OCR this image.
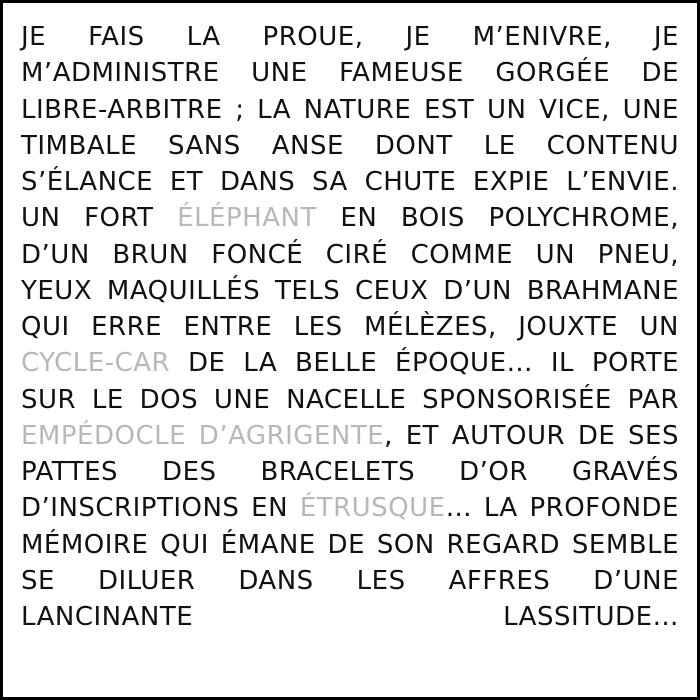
JE FAIS LA PROUE, JE M’ENIVRE, JE M’ADMINISTRE UNE FAMEUSE GORGÉE DE LIBRE-ARBITRE ; LA NATURE EST UN VICE, UNE TIMBALE SANS ANSE DONT LE CONTENU S’ÉLANCE ET DANS SA CHUTE EXPIE L’ENVIE. UN FORT ÉLÉPHANT EN BOIS POLYCHROME, D’UN BRUN FONCÉ CIRÉ COMME UN PNEU, YEUX MAQUILLÉS TELS CEUX D’UN BRAHMANE QUI ERRE ENTRE LES MÉLÈZES, JOUXTE UN CYCLE-CAR DE LA BELLE ÉPOQUE… IL PORTE SUR LE DOS UNE NACELLE SPONSORISÉE PAR EMPÉDOCLE D’AGRIGENTE, ET AUTOUR DE SES PATTES DES BRACELETS D’OR GRAVÉS D’INSCRIPTIONS EN ÉTRUSQUE… LA PROFONDE MÉMOIRE QUI ÉMANE DE SON REGARD SEMBLE SE DILUER DANS LES AFFRES D’UNE LANCINANTE LASSITUDE…
